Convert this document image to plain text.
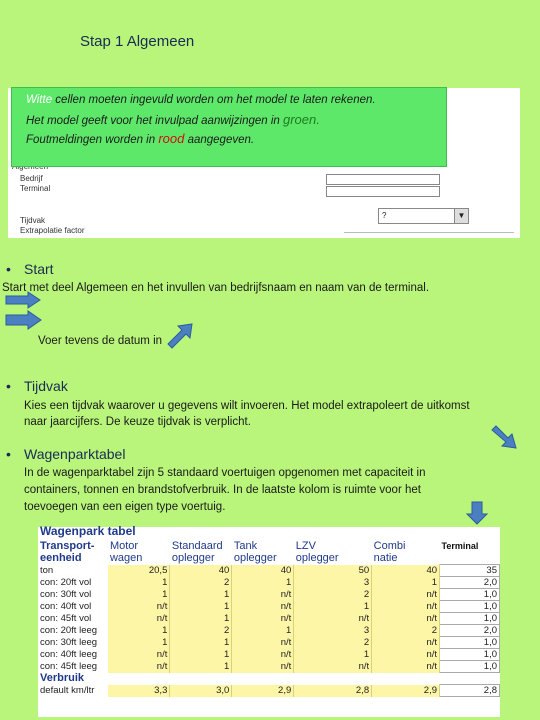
Stap 1 Algemeen
Bedrijf
Terminal
Tijdvak
Extrapolatie factor
?	▼

Witte cellen moeten ingevuld worden om het model te laten rekenen.

Het model geeft voor het invulpad aanwijzingen in groen.

Foutmeldingen worden in rood aangegeven.

• Start
Start met deel Algemeen en het invullen van bedrijfsnaam en naam van de terminal.
Voer tevens de datum in
• Tijdvak
Kies een tijdvak waarover u gegevens wilt invoeren. Het model extrapoleert de uitkomst
naar jaarcijfers. De keuze tijdvak is verplicht.
• Wagenparktabel
In de wagenparktabel zijn 5 standaard voertuigen opgenomen met capaciteit in
containers, tonnen en brandstofverbruik. In de laatste kolom is ruimte voor het
toevoegen van een eigen type voertuig.
Wagenpark tabel
Transport-	Motor	Standaard	Tank	LZV	Combi	Terminal
eenheid	wagen	oplegger	oplegger	oplegger	natie	
ton	20,5	40	40	50	40	35
con: 20ft vol	1	2	1	3	1	2,0
con: 30ft vol	1	1	n/t	2	n/t	1,0
con: 40ft vol	n/t	1	n/t	1	n/t	1,0
con: 45ft vol	n/t	1	n/t	n/t	n/t	1,0
con: 20ft leeg	1	2	1	3	2	2,0
con: 30ft leeg	1	1	n/t	2	n/t	1,0
con: 40ft leeg	n/t	1	n/t	1	n/t	1,0
con: 45ft leeg	n/t	1	n/t	n/t	n/t	1,0
Verbruik						
default km/ltr	3,3	3,0	2,9	2,8	2,9	2,8
